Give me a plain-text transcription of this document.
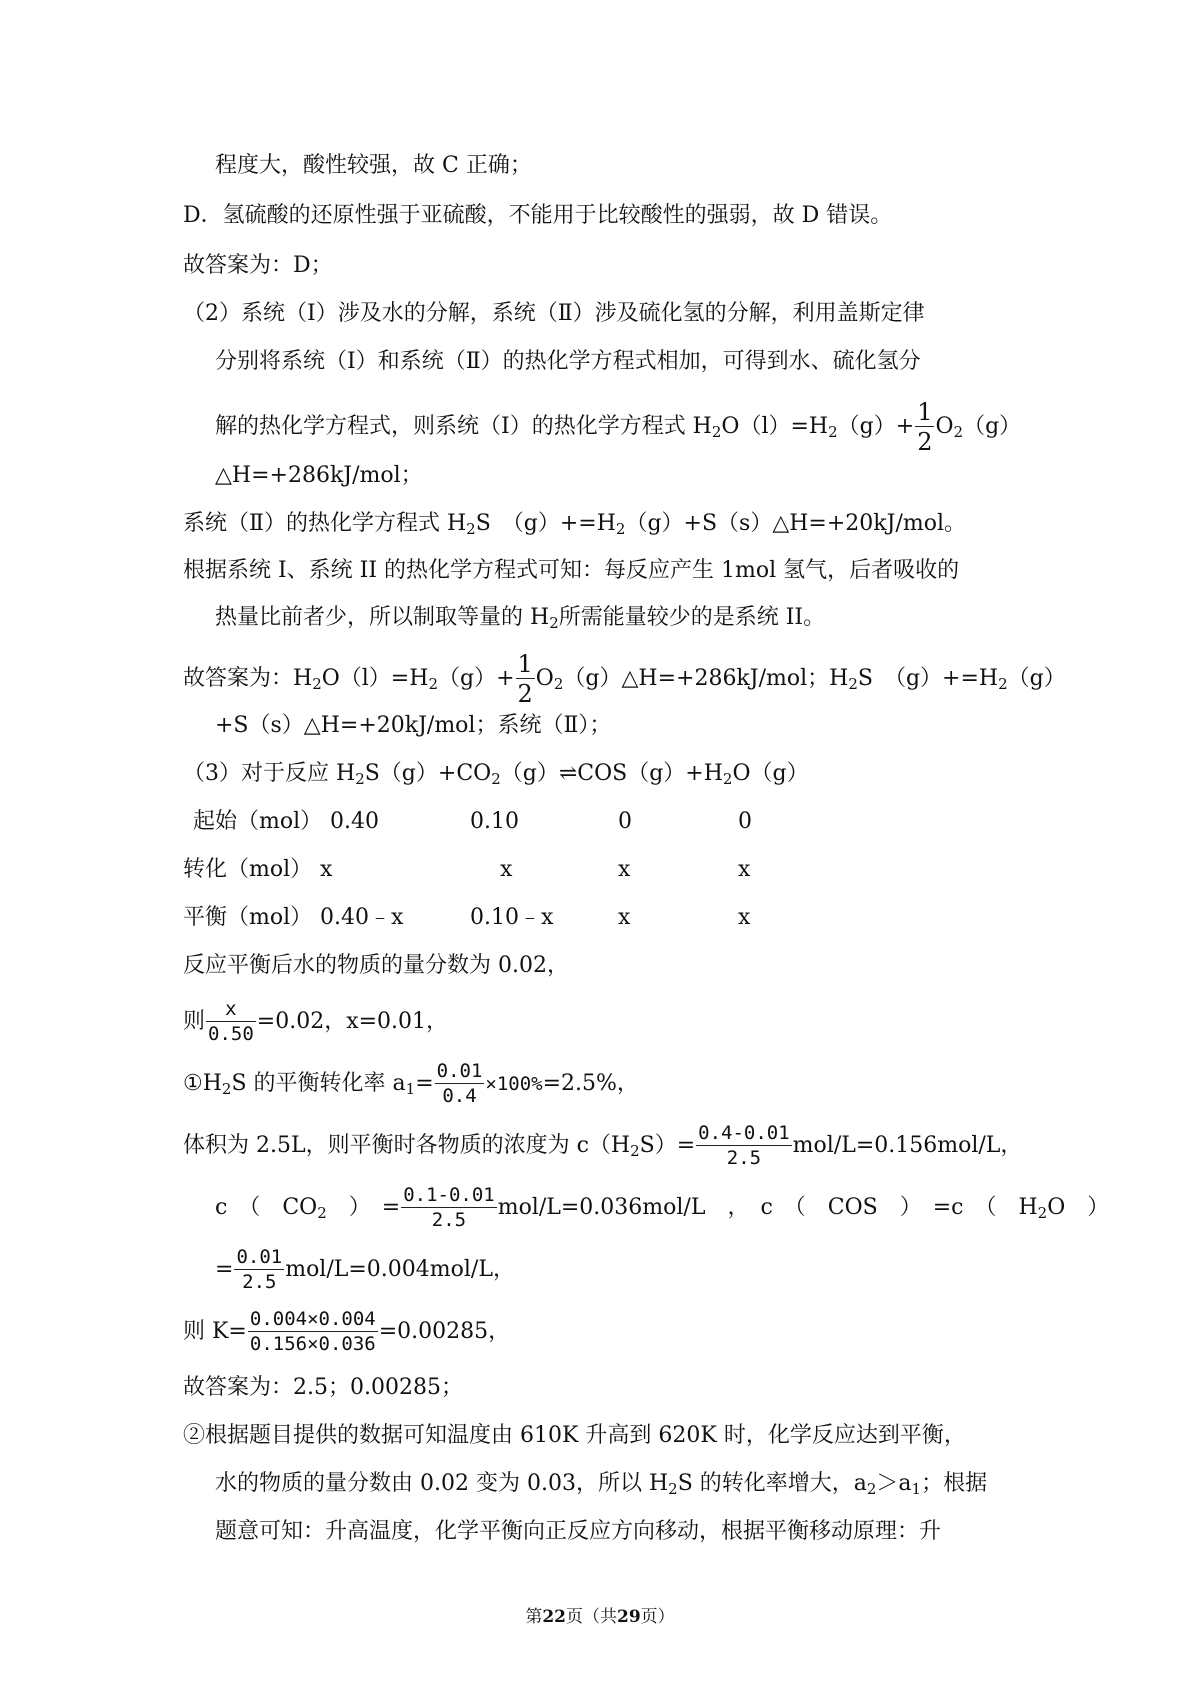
程度大，酸性较强，故 C 正确；
D．氢硫酸的还原性强于亚硫酸，不能用于比较酸性的强弱，故 D 错误。
故答案为：D；
（2）系统（Ⅰ）涉及水的分解，系统（Ⅱ）涉及硫化氢的分解，利用盖斯定律
分别将系统（Ⅰ）和系统（Ⅱ）的热化学方程式相加，可得到水、硫化氢分
解的热化学方程式，则系统（I）的热化学方程式 $H_2O(l)=H_2(g)+ \frac{1}{2} O_2(g)$
△H=+286kJ/mol；
系统（Ⅱ）的热化学方程式 $H_2S$　$(g)+=H_2(g)+S(s)\triangle H=+20kJ$/mol。
根据系统 I、系统 II 的热化学方程式可知：每反应产生 1mol 氢气，后者吸收的
热量比前者少，所以制取等量的 $H_2$所需能量较少的是系统 II。
故答案为：$H_2O(l)=H_2(g)+ \frac{1}{2}$ $O_2(g)\triangle H=+286kJ$/mol；$H_2S$　$(g)+=H_2(g)$
+S（s）△H=+20kJ/mol；系统（Ⅱ）；
（3）对于反应 $H_2S(g)+CO_2(g)\rightleftharpoons COS(g)+H_2O(g)$
起始（mol） 0.40	0.10	0	0
转化（mol） x	x	x	x
平衡（mol） 0.40﹣x	0.10﹣x	x	x
反应平衡后水的物质的量分数为 0.02，
则 $\frac{x}{0.50} =0.02$，x=0.01，
$①H_2S$ 的平衡转化率 $a_1= \frac{0.01}{0.4} \times 100\%=2.5\%$，
体积为 2.5L，则平衡时各物质的浓度为 $c(H_2S)= \frac{0.4-0.01}{2.5} mol/L=0.156mol/L$，
c　（　$CO_2$　）　= $\frac{0.1-0.01}{2.5} mol/L=0.036mol/L$　，　c　（　COS　）　=c　（　$H_2O$　）
= $\frac{0.01}{2.5} mol/L=0.004mol/L$，
则 $K= \frac{0.004\times 0.004}{0.156\times 0.036} =0.00285$，
故答案为：2.5；0.00285；
②根据题目提供的数据可知温度由 610K 升高到 620K 时，化学反应达到平衡，
水的物质的量分数由 0.02 变为 0.03，所以 $H_2S$ 的转化率增大，$a_2>a_1$；根据
题意可知：升高温度，化学平衡向正反应方向移动，根据平衡移动原理：升
第22页（共29页）
